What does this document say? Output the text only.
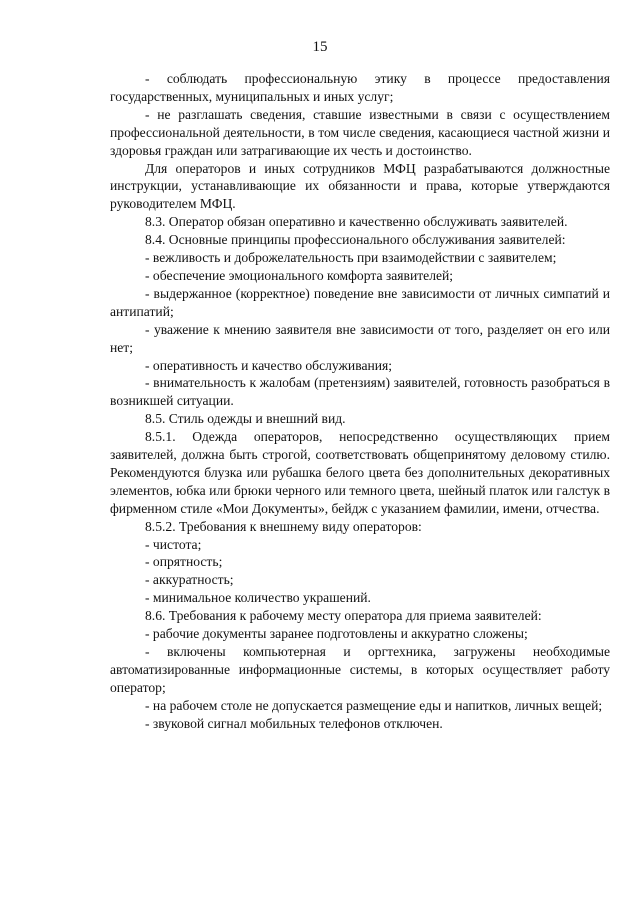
15

- соблюдать профессиональную этику в процессе предоставления государственных, муниципальных и иных услуг;

- не разглашать сведения, ставшие известными в связи с осуществлением профессиональной деятельности, в том числе сведения, касающиеся частной жизни и здоровья граждан или затрагивающие их честь и достоинство.

Для операторов и иных сотрудников МФЦ разрабатываются должностные инструкции, устанавливающие их обязанности и права, которые утверждаются руководителем МФЦ.

8.3. Оператор обязан оперативно и качественно обслуживать заявителей.

8.4. Основные принципы профессионального обслуживания заявителей:

- вежливость и доброжелательность при взаимодействии с заявителем;

- обеспечение эмоционального комфорта заявителей;

- выдержанное (корректное) поведение вне зависимости от личных симпатий и антипатий;

- уважение к мнению заявителя вне зависимости от того, разделяет он его или нет;

- оперативность и качество обслуживания;

- внимательность к жалобам (претензиям) заявителей, готовность разобраться в возникшей ситуации.

8.5. Стиль одежды и внешний вид.

8.5.1. Одежда операторов, непосредственно осуществляющих прием заявителей, должна быть строгой, соответствовать общепринятому деловому стилю. Рекомендуются блузка или рубашка белого цвета без дополнительных декоративных элементов, юбка или брюки черного или темного цвета, шейный платок или галстук в фирменном стиле «Мои Документы», бейдж с указанием фамилии, имени, отчества.

8.5.2. Требования к внешнему виду операторов:

- чистота;

- опрятность;

- аккуратность;

- минимальное количество украшений.

8.6. Требования к рабочему месту оператора для приема заявителей:

- рабочие документы заранее подготовлены и аккуратно сложены;

- включены компьютерная и оргтехника, загружены необходимые автоматизированные информационные системы, в которых осуществляет работу оператор;

- на рабочем столе не допускается размещение еды и напитков, личных вещей;

- звуковой сигнал мобильных телефонов отключен.
